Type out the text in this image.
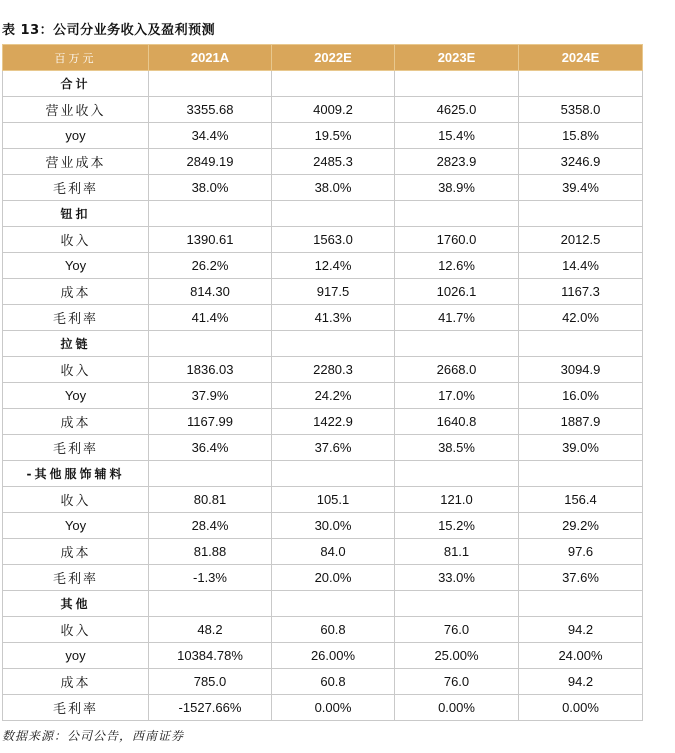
表 13：公司分业务收入及盈利预测
百万元	2021A	2022E	2023E	2024E
合计				
营业收入	3355.68	4009.2	4625.0	5358.0
yoy	34.4%	19.5%	15.4%	15.8%
营业成本	2849.19	2485.3	2823.9	3246.9
毛利率	38.0%	38.0%	38.9%	39.4%
钮扣				
收入	1390.61	1563.0	1760.0	2012.5
Yoy	26.2%	12.4%	12.6%	14.4%
成本	814.30	917.5	1026.1	1167.3
毛利率	41.4%	41.3%	41.7%	42.0%
拉链				
收入	1836.03	2280.3	2668.0	3094.9
Yoy	37.9%	24.2%	17.0%	16.0%
成本	1167.99	1422.9	1640.8	1887.9
毛利率	36.4%	37.6%	38.5%	39.0%
-其他服饰辅料				
收入	80.81	105.1	121.0	156.4
Yoy	28.4%	30.0%	15.2%	29.2%
成本	81.88	84.0	81.1	97.6
毛利率	-1.3%	20.0%	33.0%	37.6%
其他				
收入	48.2	60.8	76.0	94.2
yoy	10384.78%	26.00%	25.00%	24.00%
成本	785.0	60.8	76.0	94.2
毛利率	-1527.66%	0.00%	0.00%	0.00%
数据来源：公司公告，西南证券
